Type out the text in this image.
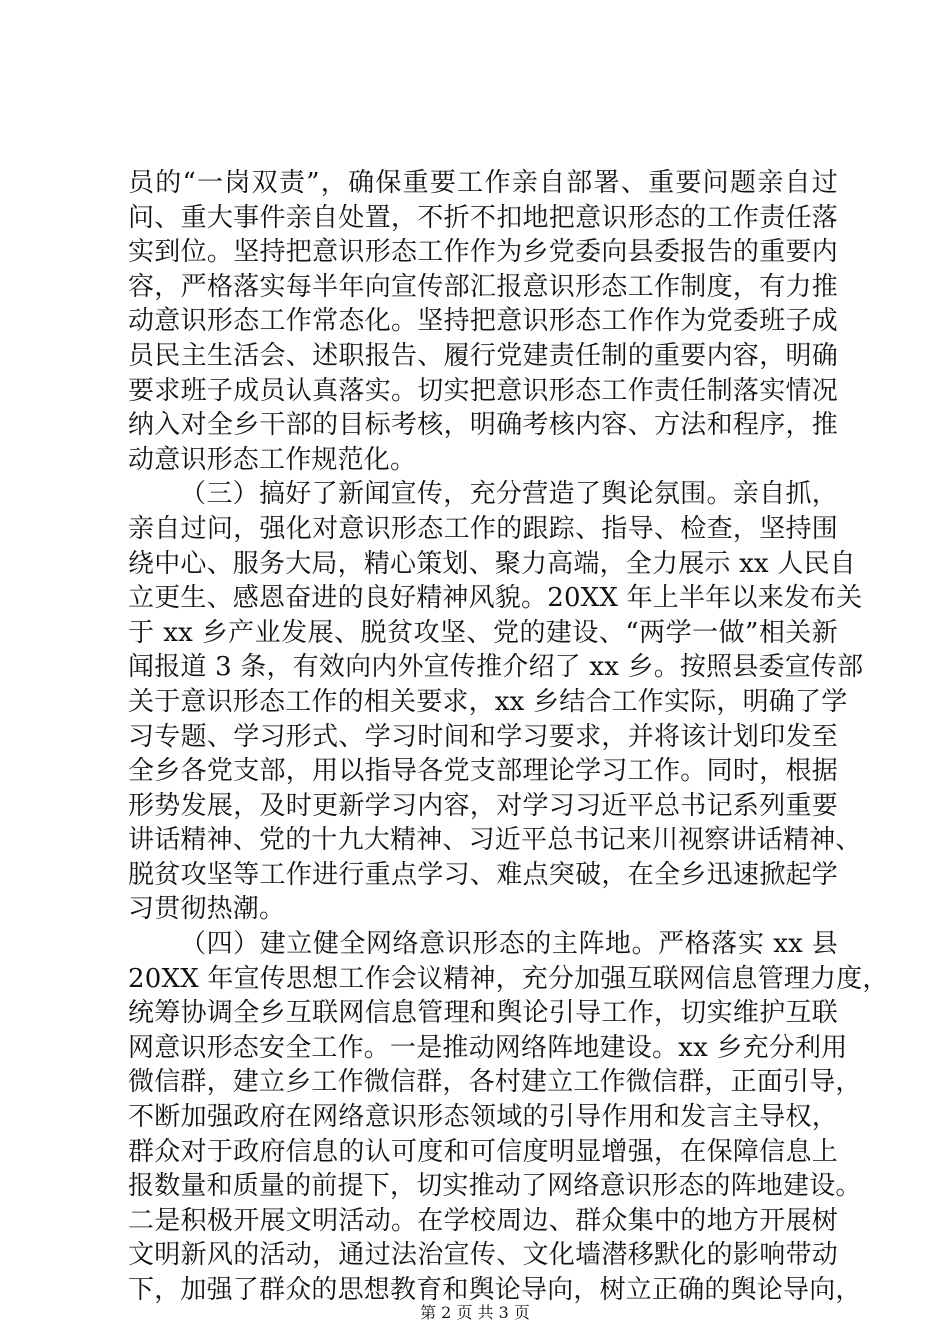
员的“一岗双责”，确保重要工作亲自部署、重要问题亲自过
问、重大事件亲自处置，不折不扣地把意识形态的工作责任落
实到位。坚持把意识形态工作作为乡党委向县委报告的重要内
容，严格落实每半年向宣传部汇报意识形态工作制度，有力推
动意识形态工作常态化。坚持把意识形态工作作为党委班子成
员民主生活会、述职报告、履行党建责任制的重要内容，明确
要求班子成员认真落实。切实把意识形态工作责任制落实情况
纳入对全乡干部的目标考核，明确考核内容、方法和程序，推
动意识形态工作规范化。
（三）搞好了新闻宣传，充分营造了舆论氛围。亲自抓，
亲自过问，强化对意识形态工作的跟踪、指导、检查，坚持围
绕中心、服务大局，精心策划、聚力高端，全力展示 xx 人民自
立更生、感恩奋进的良好精神风貌。20XX 年上半年以来发布关
于 xx 乡产业发展、脱贫攻坚、党的建设、“两学一做”相关新
闻报道 3 条，有效向内外宣传推介绍了 xx 乡。按照县委宣传部
关于意识形态工作的相关要求，xx 乡结合工作实际，明确了学
习专题、学习形式、学习时间和学习要求，并将该计划印发至
全乡各党支部，用以指导各党支部理论学习工作。同时，根据
形势发展，及时更新学习内容，对学习习近平总书记系列重要
讲话精神、党的十九大精神、习近平总书记来川视察讲话精神、
脱贫攻坚等工作进行重点学习、难点突破，在全乡迅速掀起学
习贯彻热潮。
（四）建立健全网络意识形态的主阵地。严格落实 xx 县
20XX 年宣传思想工作会议精神，充分加强互联网信息管理力度，
统筹协调全乡互联网信息管理和舆论引导工作，切实维护互联
网意识形态安全工作。一是推动网络阵地建设。xx 乡充分利用
微信群，建立乡工作微信群，各村建立工作微信群，正面引导，
不断加强政府在网络意识形态领域的引导作用和发言主导权，
群众对于政府信息的认可度和可信度明显增强，在保障信息上
报数量和质量的前提下，切实推动了网络意识形态的阵地建设。
二是积极开展文明活动。在学校周边、群众集中的地方开展树
文明新风的活动，通过法治宣传、文化墙潜移默化的影响带动
下，加强了群众的思想教育和舆论导向，树立正确的舆论导向，
第 2 页 共 3 页
